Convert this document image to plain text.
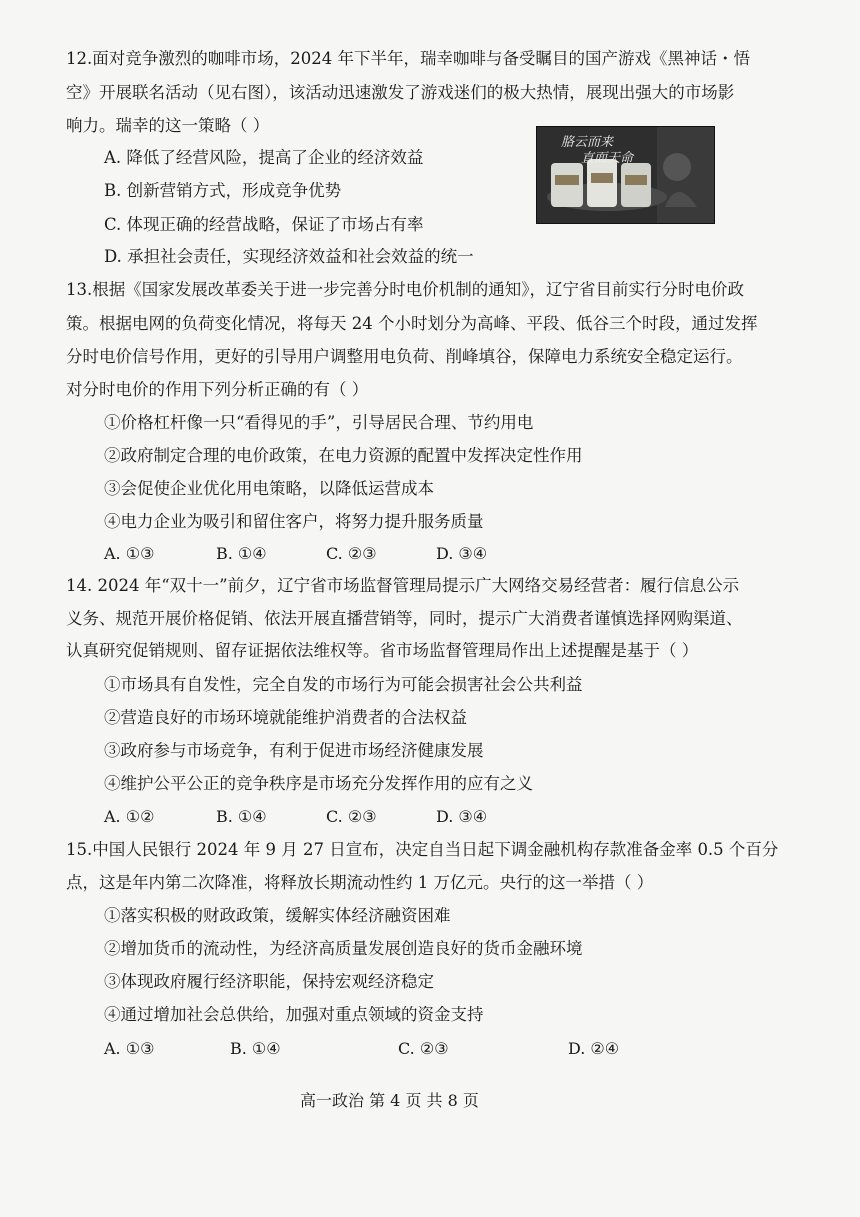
12.面对竞争激烈的咖啡市场，2024 年下半年，瑞幸咖啡与备受瞩目的国产游戏《黑神话・悟
空》开展联名活动（见右图），该活动迅速激发了游戏迷们的极大热情，展现出强大的市场影
响力。瑞幸的这一策略（ ）
胳云而来
直面天命
A. 降低了经营风险，提高了企业的经济效益
B. 创新营销方式，形成竞争优势
C. 体现正确的经营战略，保证了市场占有率
D. 承担社会责任，实现经济效益和社会效益的统一
13.根据《国家发展改革委关于进一步完善分时电价机制的通知》，辽宁省目前实行分时电价政
策。根据电网的负荷变化情况，将每天 24 个小时划分为高峰、平段、低谷三个时段，通过发挥
分时电价信号作用，更好的引导用户调整用电负荷、削峰填谷，保障电力系统安全稳定运行。
对分时电价的作用下列分析正确的有（ ）
①价格杠杆像一只“看得见的手”，引导居民合理、节约用电
②政府制定合理的电价政策，在电力资源的配置中发挥决定性作用
③会促使企业优化用电策略，以降低运营成本
④电力企业为吸引和留住客户，将努力提升服务质量
A. ①③	B. ①④	C. ②③	D. ③④
14. 2024 年“双十一”前夕，辽宁省市场监督管理局提示广大网络交易经营者：履行信息公示
义务、规范开展价格促销、依法开展直播营销等，同时，提示广大消费者谨慎选择网购渠道、
认真研究促销规则、留存证据依法维权等。省市场监督管理局作出上述提醒是基于（ ）
①市场具有自发性，完全自发的市场行为可能会损害社会公共利益
②营造良好的市场环境就能维护消费者的合法权益
③政府参与市场竞争，有利于促进市场经济健康发展
④维护公平公正的竞争秩序是市场充分发挥作用的应有之义
A. ①②	B. ①④	C. ②③	D. ③④
15.中国人民银行 2024 年 9 月 27 日宣布，决定自当日起下调金融机构存款准备金率 0.5 个百分
点，这是年内第二次降准，将释放长期流动性约 1 万亿元。央行的这一举措（ ）
①落实积极的财政政策，缓解实体经济融资困难
②增加货币的流动性，为经济高质量发展创造良好的货币金融环境
③体现政府履行经济职能，保持宏观经济稳定
④通过增加社会总供给，加强对重点领域的资金支持
A. ①③	B. ①④	C. ②③	D. ②④
高一政治 第 4 页 共 8 页
